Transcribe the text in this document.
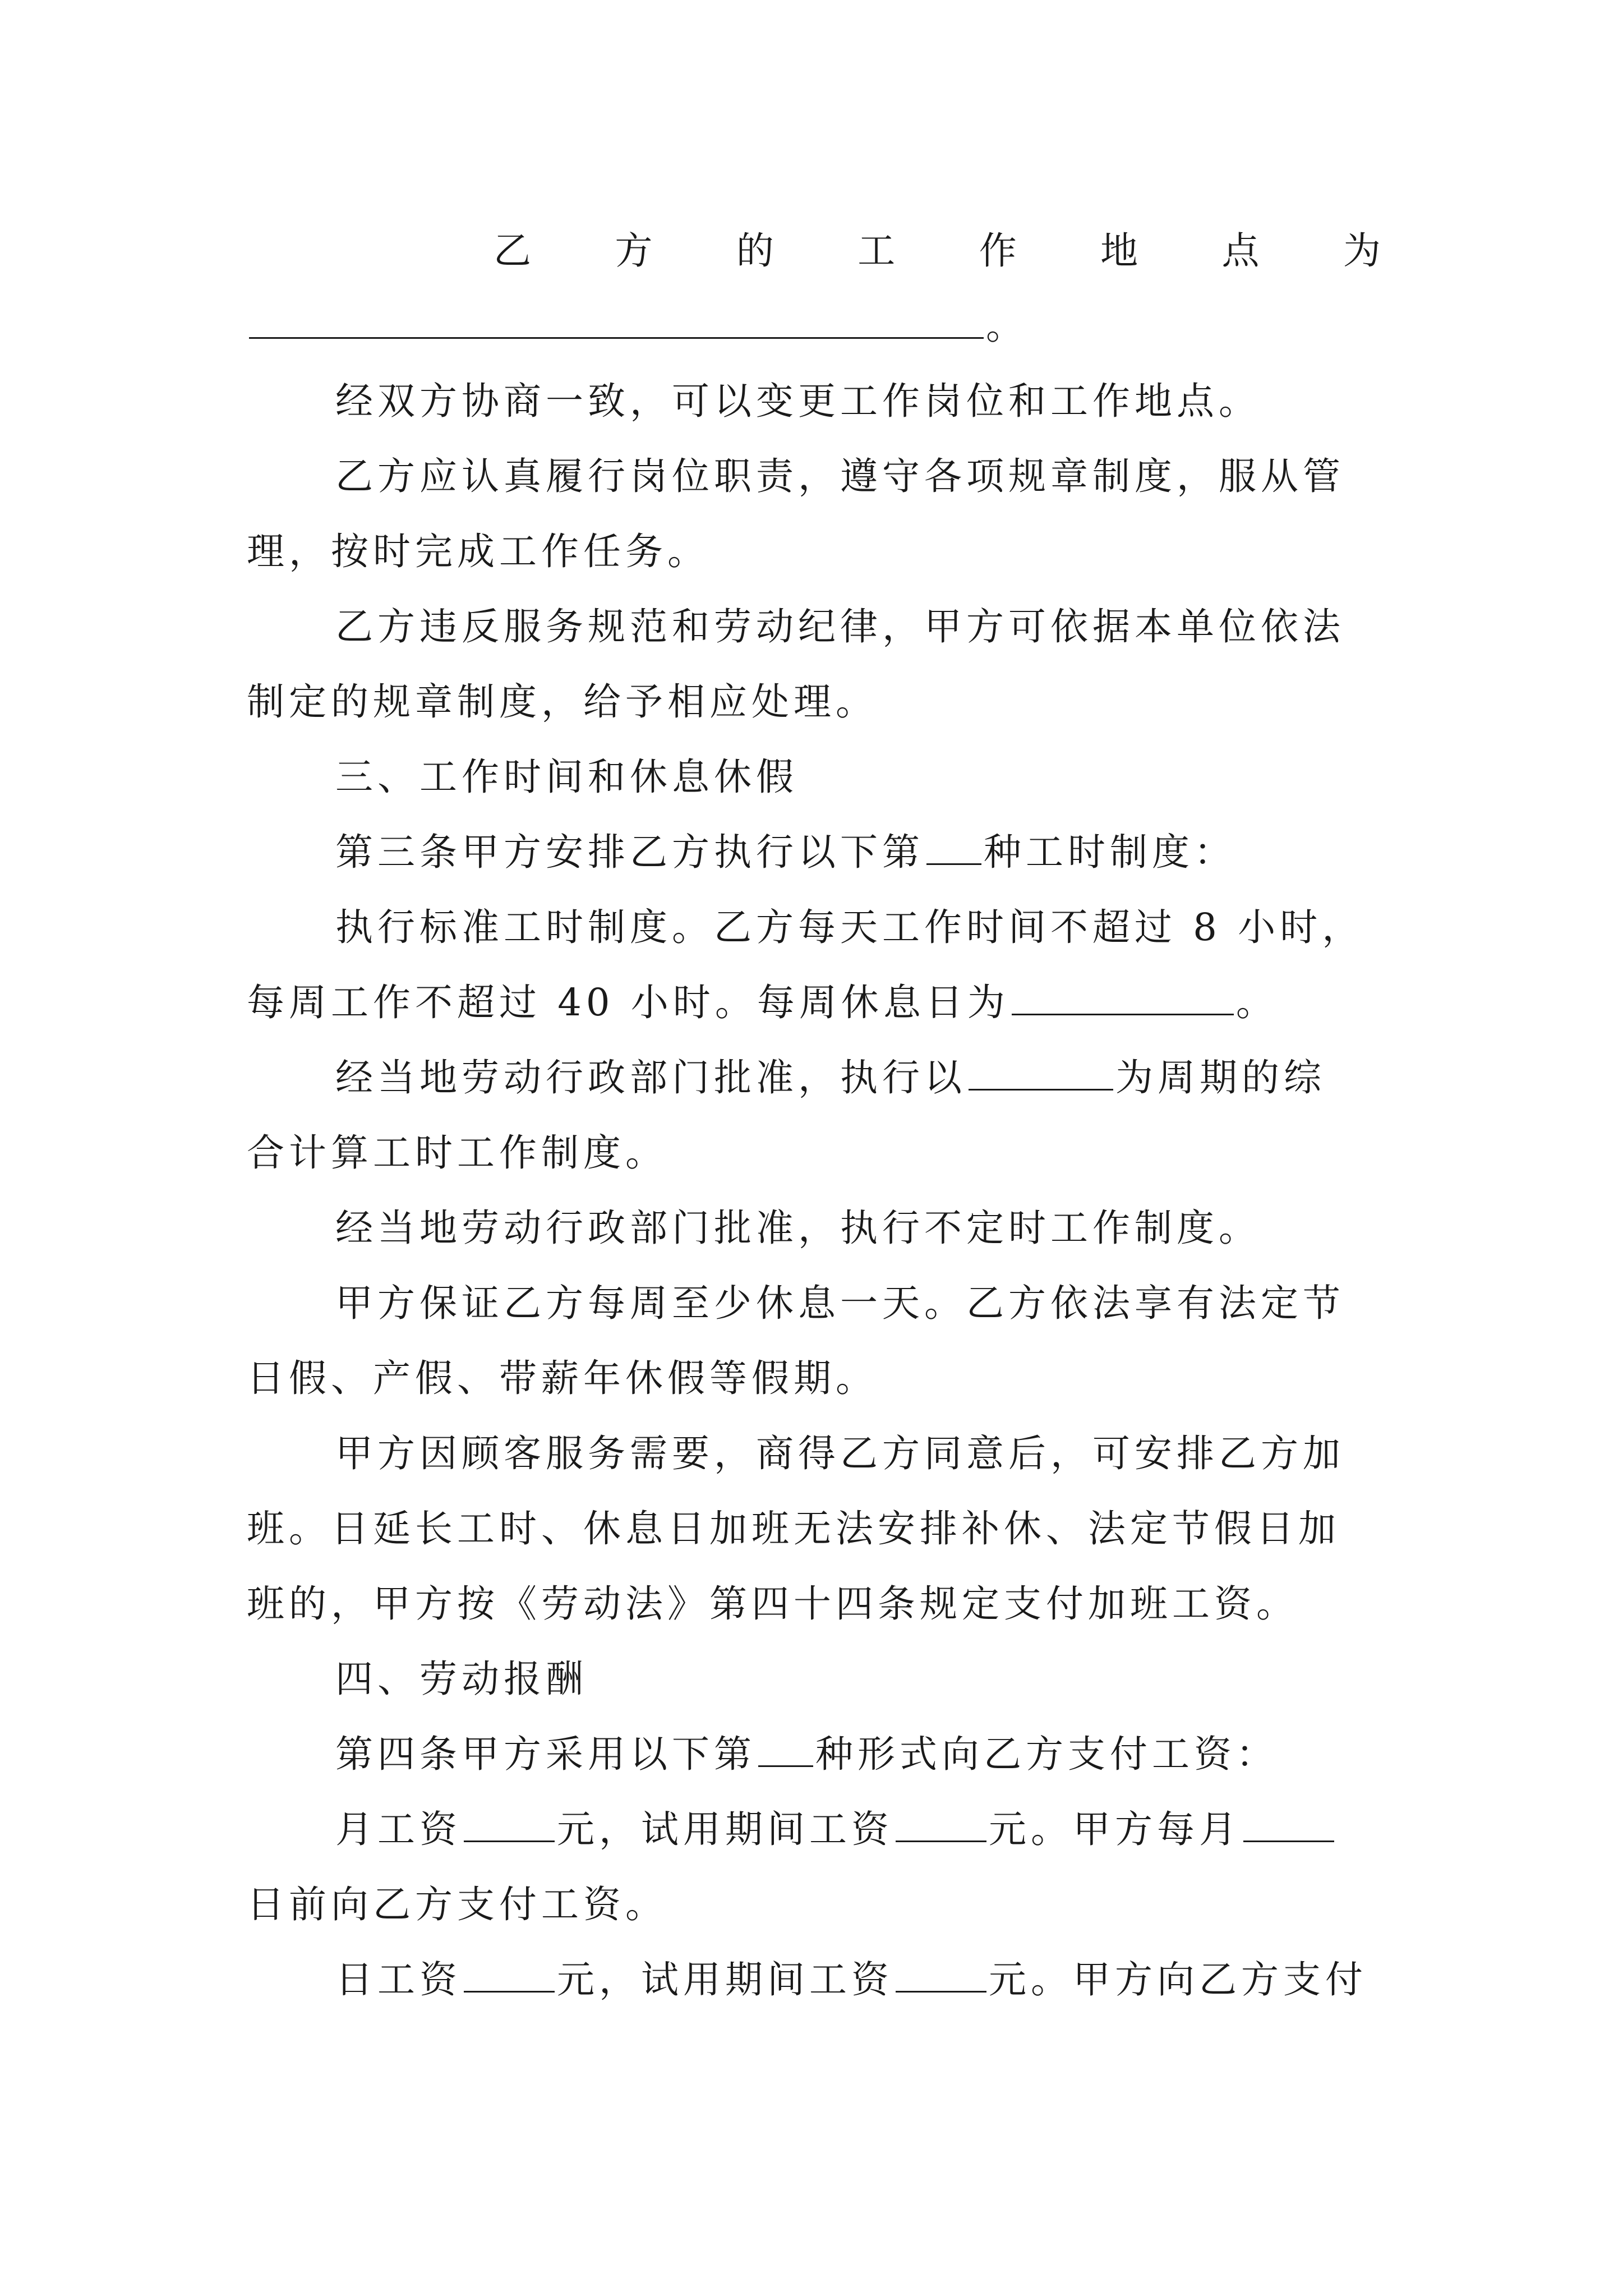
乙 方 的 工 作 地 点 为
。
经双方协商一致，可以变更工作岗位和工作地点。
乙方应认真履行岗位职责，遵守各项规章制度，服从管
理，按时完成工作任务。
乙方违反服务规范和劳动纪律，甲方可依据本单位依法
制定的规章制度，给予相应处理。
三、工作时间和休息休假
第三条甲方安排乙方执行以下第 种工时制度：
执行标准工时制度。乙方每天工作时间不超过 8 小时，
每周工作不超过 40 小时。每周休息日为	。
经当地劳动行政部门批准，执行以	为周期的综
合计算工时工作制度。
经当地劳动行政部门批准，执行不定时工作制度。
甲方保证乙方每周至少休息一天。乙方依法享有法定节
日假、产假、带薪年休假等假期。
甲方因顾客服务需要，商得乙方同意后，可安排乙方加
班。日延长工时、休息日加班无法安排补休、法定节假日加
班的，甲方按《劳动法》第四十四条规定支付加班工资。
四、劳动报酬
第四条甲方采用以下第 种形式向乙方支付工资：
月工资	元，试用期间工资	元。甲方每月
日前向乙方支付工资。
日工资	元，试用期间工资	元。甲方向乙方支付
